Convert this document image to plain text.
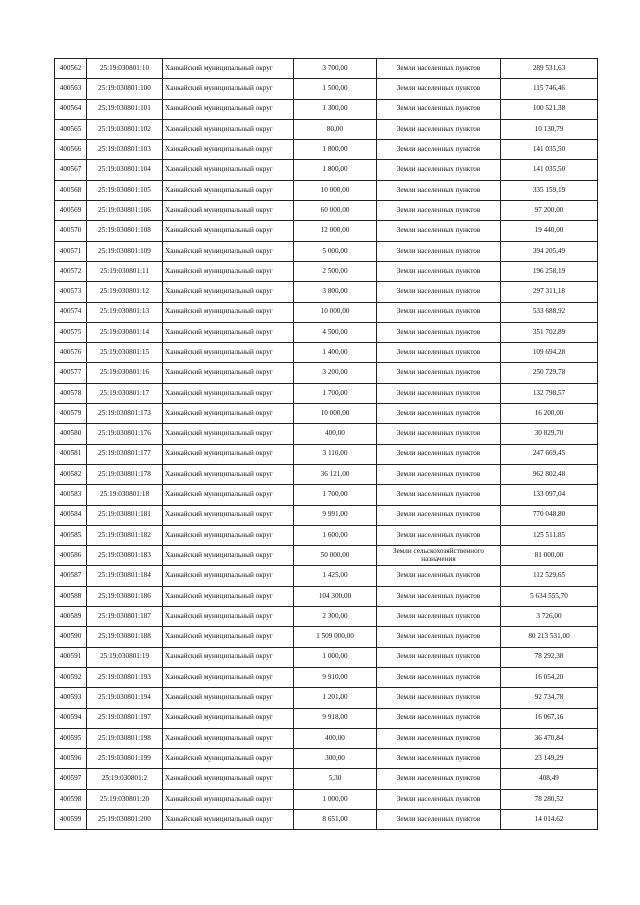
400562	25:19:030801:10	Ханкайский муниципальный округ	3 700,00	Земли населенных пунктов	289 531,63
400563	25:19:030801:100	Ханкайский муниципальный округ	1 500,00	Земли населенных пунктов	115 746,46
400564	25:19:030801:101	Ханкайский муниципальный округ	1 300,00	Земли населенных пунктов	100 521,38
400565	25:19:030801:102	Ханкайский муниципальный округ	80,00	Земли населенных пунктов	10 130,79
400566	25:19:030801:103	Ханкайский муниципальный округ	1 800,00	Земли населенных пунктов	141 035,50
400567	25:19:030801:104	Ханкайский муниципальный округ	1 800,00	Земли населенных пунктов	141 035,50
400568	25:19:030801:105	Ханкайский муниципальный округ	10 000,00	Земли населенных пунктов	335 159,19
400569	25:19:030801:106	Ханкайский муниципальный округ	60 000,00	Земли населенных пунктов	97 200,00
400570	25:19:030801:108	Ханкайский муниципальный округ	12 000,00	Земли населенных пунктов	19 440,00
400571	25:19:030801:109	Ханкайский муниципальный округ	5 000,00	Земли населенных пунктов	394 205,49
400572	25:19:030801:11	Ханкайский муниципальный округ	2 500,00	Земли населенных пунктов	196 258,19
400573	25:19:030801:12	Ханкайский муниципальный округ	3 800,00	Земли населенных пунктов	297 311,18
400574	25:19:030801:13	Ханкайский муниципальный округ	10 000,00	Земли населенных пунктов	533 688,92
400575	25:19:030801:14	Ханкайский муниципальный округ	4 500,00	Земли населенных пунктов	351 702,89
400576	25:19:030801:15	Ханкайский муниципальный округ	1 400,00	Земли населенных пунктов	109 694,28
400577	25:19:030801:16	Ханкайский муниципальный округ	3 200,00	Земли населенных пунктов	250 729,78
400578	25:19:030801:17	Ханкайский муниципальный округ	1 700,00	Земли населенных пунктов	132 798,57
400579	25:19:030801:173	Ханкайский муниципальный округ	10 000,00	Земли населенных пунктов	16 200,00
400580	25:19:030801:176	Ханкайский муниципальный округ	400,00	Земли населенных пунктов	30 829,70
400581	25:19:030801:177	Ханкайский муниципальный округ	3 110,00	Земли населенных пунктов	247 669,45
400582	25:19:030801:178	Ханкайский муниципальный округ	36 121,00	Земли населенных пунктов	962 802,48
400583	25:19:030801:18	Ханкайский муниципальный округ	1 700,00	Земли населенных пунктов	133 097,04
400584	25:19:030801:181	Ханкайский муниципальный округ	9 991,00	Земли населенных пунктов	770 048,80
400585	25:19:030801:182	Ханкайский муниципальный округ	1 600,00	Земли населенных пунктов	125 511,85
400586	25:19:030801:183	Ханкайский муниципальный округ	50 000,00	Земли сельскохозяйственного назначения	81 000,00
400587	25:19:030801:184	Ханкайский муниципальный округ	1 425,00	Земли населенных пунктов	112 529,65
400588	25:19:030801:186	Ханкайский муниципальный округ	104 300,00	Земли населенных пунктов	5 634 555,70
400589	25:19:030801:187	Ханкайский муниципальный округ	2 300,00	Земли населенных пунктов	3 726,00
400590	25:19:030801:188	Ханкайский муниципальный округ	1 509 000,00	Земли населенных пунктов	80 213 531,00
400591	25:19:030801:19	Ханкайский муниципальный округ	1 000,00	Земли населенных пунктов	78 292,38
400592	25:19:030801:193	Ханкайский муниципальный округ	9 910,00	Земли населенных пунктов	16 054,20
400593	25:19:030801:194	Ханкайский муниципальный округ	1 201,00	Земли населенных пунктов	92 734,78
400594	25:19:030801:197	Ханкайский муниципальный округ	9 918,00	Земли населенных пунктов	16 067,16
400595	25:19:030801:198	Ханкайский муниципальный округ	400,00	Земли населенных пунктов	36 470,84
400596	25:19:030801:199	Ханкайский муниципальный округ	300,00	Земли населенных пунктов	23 149,29
400597	25:19:030801:2	Ханкайский муниципальный округ	5,30	Земли населенных пунктов	408,49
400598	25:19:030801:20	Ханкайский муниципальный округ	1 000,00	Земли населенных пунктов	78 280,52
400599	25:19:030801:200	Ханкайский муниципальный округ	8 651,00	Земли населенных пунктов	14 014,62
